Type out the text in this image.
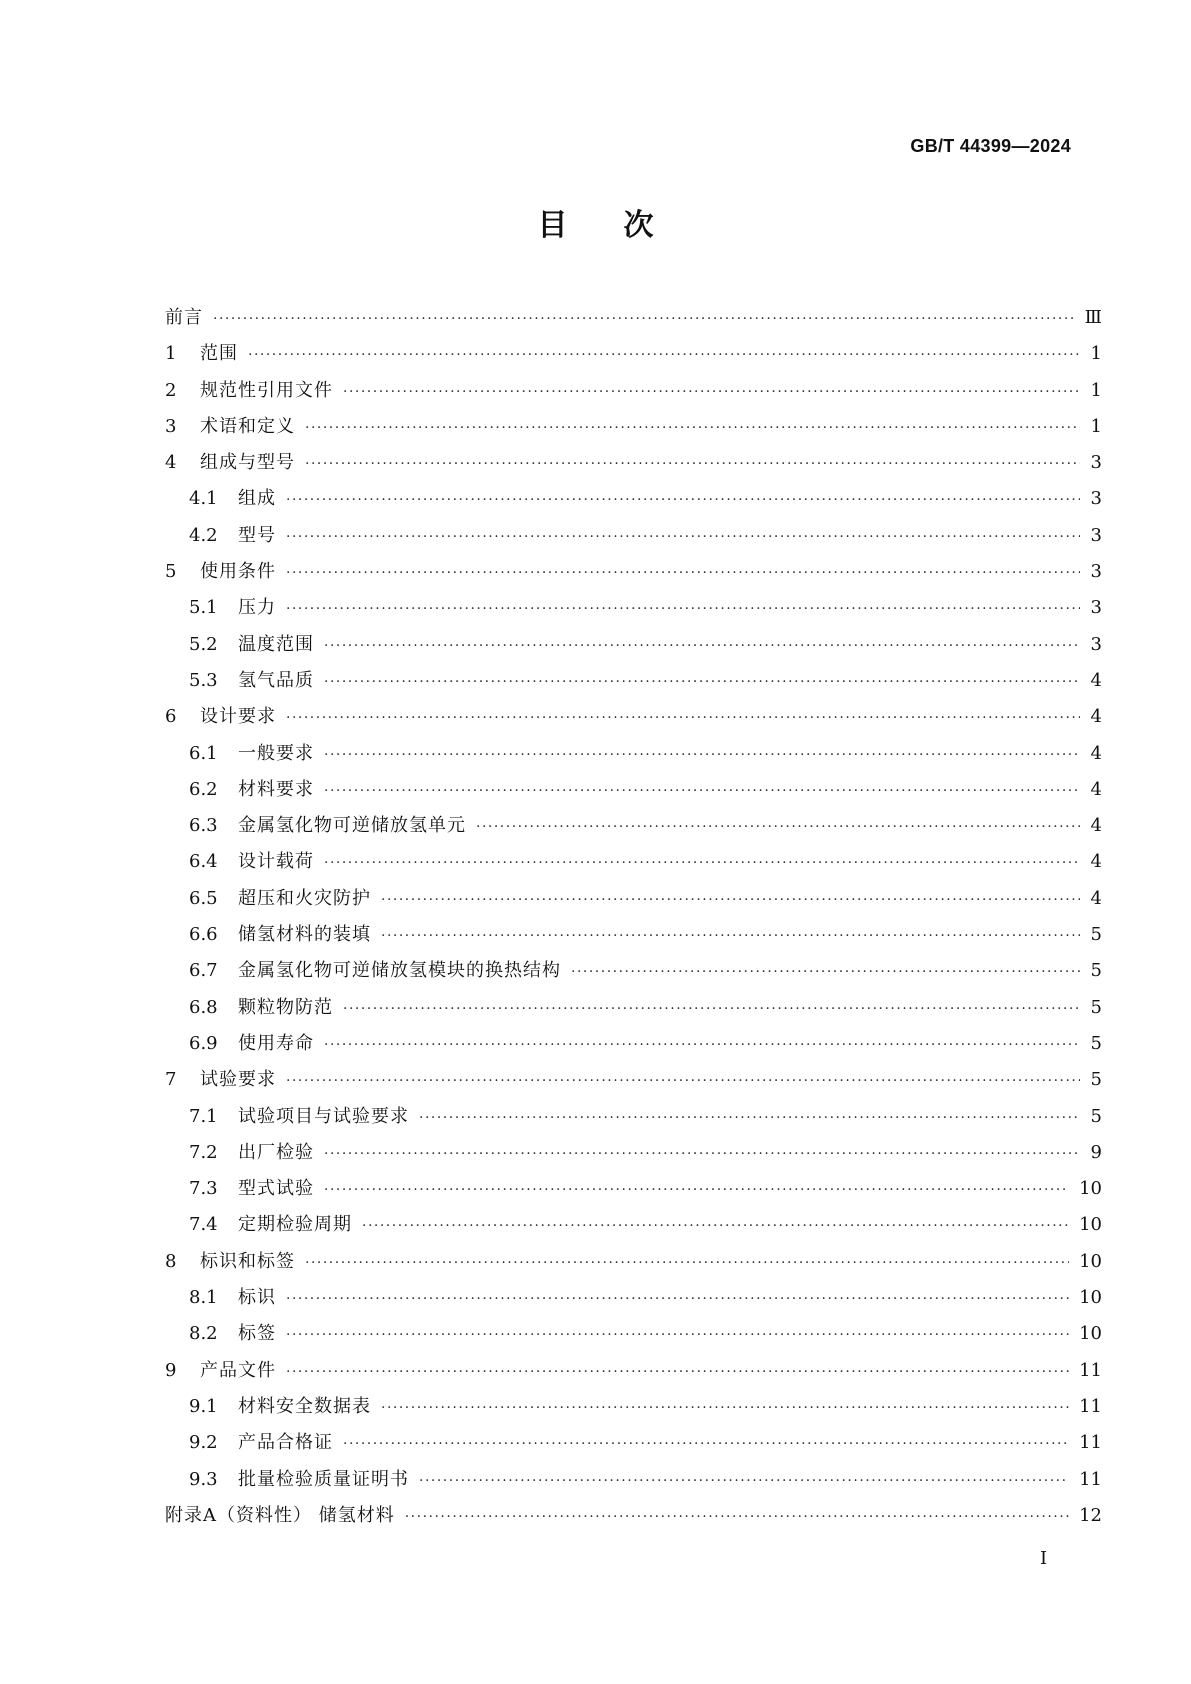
GB/T 44399—2024
目 次
前言 ·····	Ⅲ
1	范围 ·····	1
2	规范性引用文件 ·····	1
3	术语和定义 ·····	1
4	组成与型号 ·····	3
4.1	组成 ·····	3
4.2	型号 ·····	3
5	使用条件 ·····	3
5.1	压力 ·····	3
5.2	温度范围 ·····	3
5.3	氢气品质 ·····	4
6	设计要求 ·····	4
6.1	一般要求 ·····	4
6.2	材料要求 ·····	4
6.3	金属氢化物可逆储放氢单元 ·····	4
6.4	设计载荷 ·····	4
6.5	超压和火灾防护 ·····	4
6.6	储氢材料的装填 ·····	5
6.7	金属氢化物可逆储放氢模块的换热结构 ·····	5
6.8	颗粒物防范 ·····	5
6.9	使用寿命 ·····	5
7	试验要求 ·····	5
7.1	试验项目与试验要求 ·····	5
7.2	出厂检验 ·····	9
7.3	型式试验 ·····	10
7.4	定期检验周期 ·····	10
8	标识和标签 ·····	10
8.1	标识 ·····	10
8.2	标签 ·····	10
9	产品文件 ·····	11
9.1	材料安全数据表 ·····	11
9.2	产品合格证 ·····	11
9.3	批量检验质量证明书 ·····	11
附录A（资料性） 储氢材料 ·····	12
I
